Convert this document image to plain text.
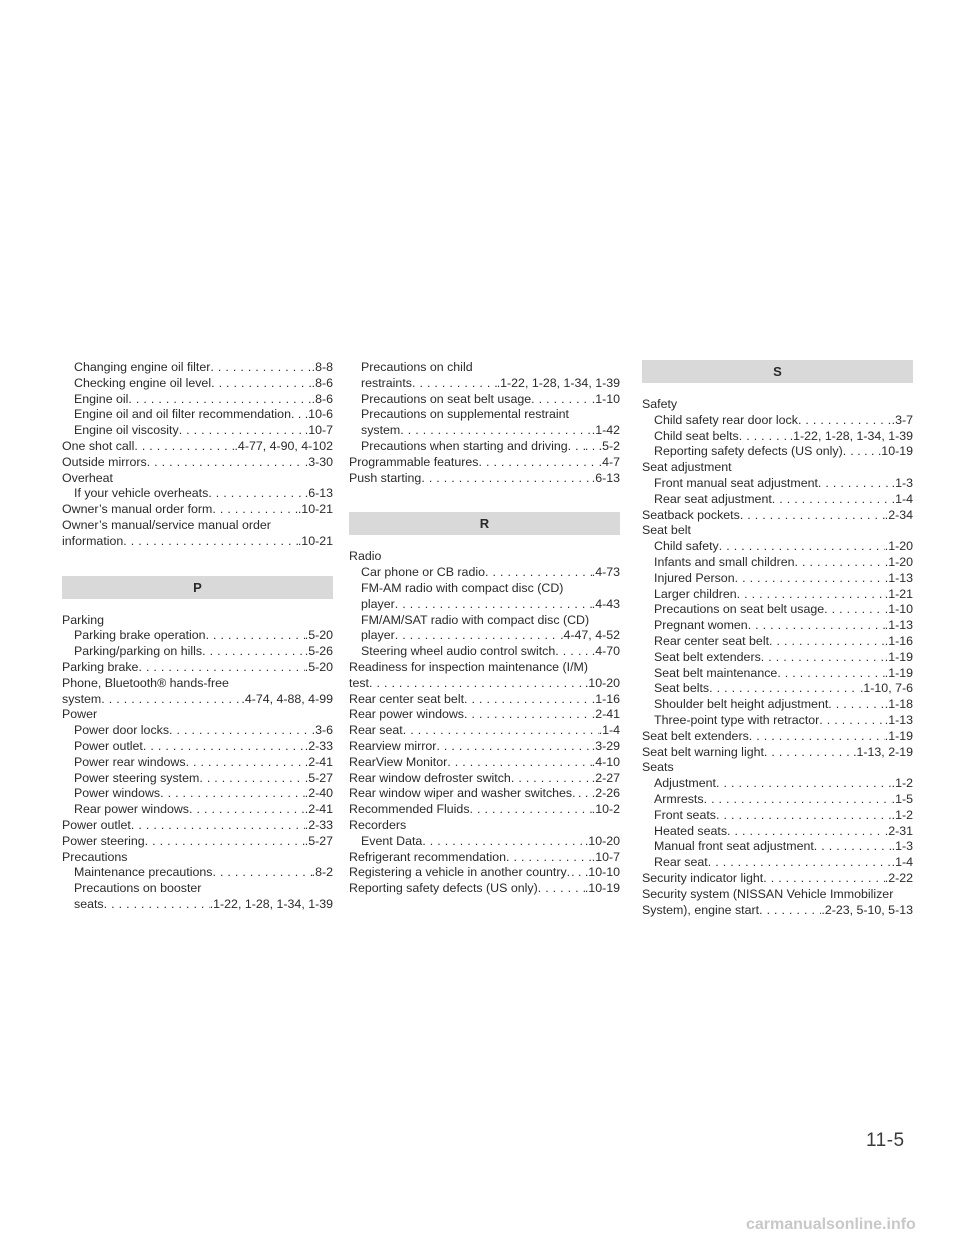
Changing engine oil filter . . .	.8-8
Checking engine oil level . . .	.8-6
Engine oil . . .	.8-6
Engine oil and oil filter recommendation . . . . .10-6
Engine oil viscosity . . .	.10-7
One shot call . . .	.4-77, 4-90, 4-102
Outside mirrors . . .	.3-30
Overheat
If your vehicle overheats . . .	.6-13
Owner’s manual order form . . .	.10-21
Owner’s manual/service manual order
information . . .	.10-21
P
Parking
Parking brake operation . . .	.5-20
Parking/parking on hills . . .	.5-26
Parking brake . . .	.5-20
Phone, Bluetooth® hands-free
system . . .	.4-74, 4-88, 4-99
Power
Power door locks . . .	.3-6
Power outlet . . .	.2-33
Power rear windows . . .	.2-41
Power steering system . . .	.5-27
Power windows . . .	.2-40
Rear power windows . . .	.2-41
Power outlet . . .	.2-33
Power steering . . .	.5-27
Precautions
Maintenance precautions . . .	.8-2
Precautions on booster
seats . . .	.1-22, 1-28, 1-34, 1-39
Precautions on child
restraints . . .	.1-22, 1-28, 1-34, 1-39
Precautions on seat belt usage . . .	.1-10
Precautions on supplemental restraint
system . . .	.1-42
Precautions when starting and driving . . . . . .5-2
Programmable features . . .	.4-7
Push starting . . .	.6-13
R
Radio
Car phone or CB radio . . .	.4-73
FM-AM radio with compact disc (CD)
player . . .	.4-43
FM/AM/SAT radio with compact disc (CD)
player . . .	.4-47, 4-52
Steering wheel audio control switch . . . . . .4-70
Readiness for inspection maintenance (I/M)
test . . .	.10-20
Rear center seat belt . . .	.1-16
Rear power windows . . .	.2-41
Rear seat . . .	.1-4
Rearview mirror . . .	.3-29
RearView Monitor . . .	.4-10
Rear window defroster switch . . .	.2-27
Rear window wiper and washer switches . . . . . .2-26
Recommended Fluids . . .	.10-2
Recorders
Event Data . . .	.10-20
Refrigerant recommendation . . .	.10-7
Registering a vehicle in another country . . . . . .10-10
Reporting safety defects (US only) . . .	.10-19
S
Safety
Child safety rear door lock . . .	.3-7
Child seat belts . . .	.1-22, 1-28, 1-34, 1-39
Reporting safety defects (US only) . . . . . . .10-19
Seat adjustment
Front manual seat adjustment . . .	.1-3
Rear seat adjustment . . .	.1-4
Seatback pockets . . .	.2-34
Seat belt
Child safety . . .	.1-20
Infants and small children . . .	.1-20
Injured Person . . .	.1-13
Larger children . . .	.1-21
Precautions on seat belt usage . . .	.1-10
Pregnant women . . .	.1-13
Rear center seat belt . . .	.1-16
Seat belt extenders . . .	.1-19
Seat belt maintenance . . .	.1-19
Seat belts . . .	.1-10, 7-6
Shoulder belt height adjustment . . .	.1-18
Three-point type with retractor . . .	.1-13
Seat belt extenders . . .	.1-19
Seat belt warning light . . .	.1-13, 2-19
Seats
Adjustment . . .	.1-2
Armrests . . .	.1-5
Front seats . . .	.1-2
Heated seats . . .	.2-31
Manual front seat adjustment . . .	.1-3
Rear seat . . .	.1-4
Security indicator light . . .	.2-22
Security system (NISSAN Vehicle Immobilizer
System), engine start . . .	.2-23, 5-10, 5-13
11-5
carmanualsonline.info
